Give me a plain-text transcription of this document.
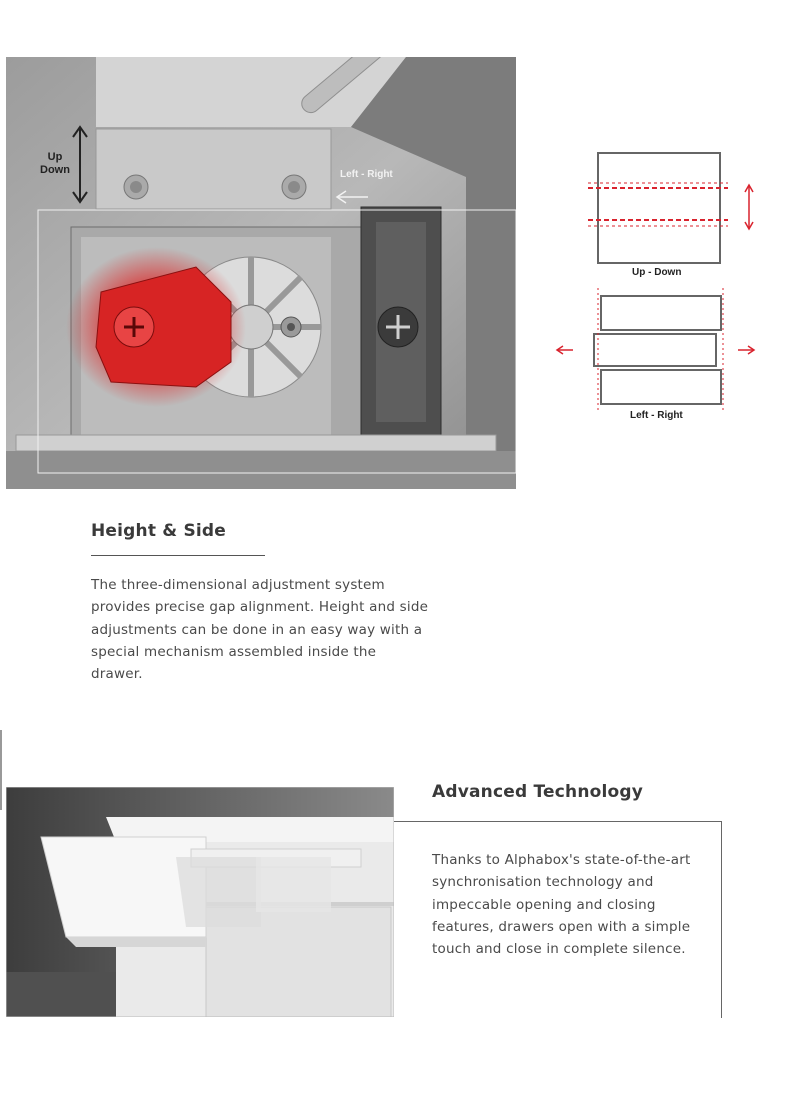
Up
Down	Left - Right
Up - Down
Left - Right
Height & Side
The three-dimensional adjustment system provides precise gap alignment. Height and side adjustments can be done in an easy way with a special mechanism assembled inside the drawer.
Advanced Technology
Thanks to Alphabox's state-of-the-art synchronisation technology and impeccable opening and closing features, drawers open with a simple touch and close in complete silence.
